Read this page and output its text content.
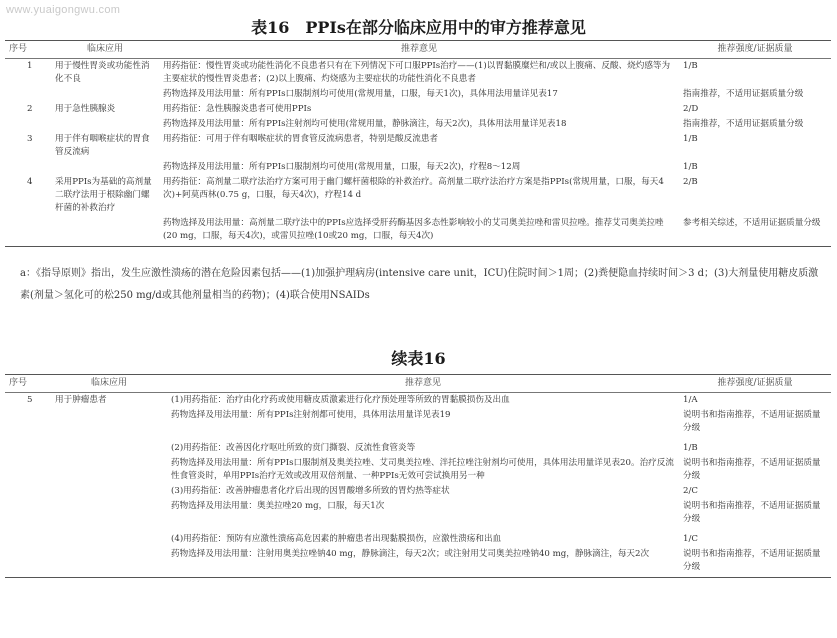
www.yuaigongwu.com
表16　PPIs在部分临床应用中的审方推荐意见
序号	临床应用	推荐意见	推荐强度/证据质量
1	用于慢性胃炎或功能性消化不良	用药指征：慢性胃炎或功能性消化不良患者只有在下列情况下可口服PPIs治疗——(1)以胃黏膜糜烂和/或以上腹痛、反酸、烧灼感等为主要症状的慢性胃炎患者；(2)以上腹痛、灼烧感为主要症状的功能性消化不良患者	1/B
		药物选择及用法用量：所有PPIs口服制剂均可使用(常规用量，口服，每天1次)，具体用法用量详见表17	指南推荐，不适用证据质量分级
2	用于急性胰腺炎	用药指征：急性胰腺炎患者可使用PPIs	2/D
		药物选择及用法用量：所有PPIs注射剂均可使用(常规用量，静脉滴注，每天2次)，具体用法用量详见表18	指南推荐，不适用证据质量分级
3	用于伴有咽喉症状的胃食管反流病	用药指征：可用于伴有咽喉症状的胃食管反流病患者，特别是酸反流患者	1/B
		药物选择及用法用量：所有PPIs口服制剂均可使用(常规用量，口服，每天2次)，疗程8～12周	1/B
4	采用PPIs为基础的高剂量二联疗法用于根除幽门螺杆菌的补救治疗	用药指征：高剂量二联疗法治疗方案可用于幽门螺杆菌根除的补救治疗。高剂量二联疗法治疗方案是指PPIs(常规用量，口服，每天4次)+阿莫西林(0.75 g，口服，每天4次)，疗程14 d	2/B
		药物选择及用法用量：高剂量二联疗法中的PPIs应选择受肝药酶基因多态性影响较小的艾司奥美拉唑和雷贝拉唑。推荐艾司奥美拉唑(20 mg，口服，每天4次)，或雷贝拉唑(10或20 mg，口服，每天4次)	参考相关综述，不适用证据质量分级
a：《指导原则》指出，发生应激性溃疡的潜在危险因素包括——(1)加强护理病房(intensive care unit，ICU)住院时间＞1周；(2)粪便隐血持续时间＞3 d；(3)大剂量使用糖皮质激素(剂量＞氢化可的松250 mg/d或其他剂量相当的药物)；(4)联合使用NSAIDs
续表16
序号	临床应用	推荐意见	推荐强度/证据质量
5	用于肿瘤患者	(1)用药指征：治疗由化疗药或使用糖皮质激素进行化疗预处理等所致的胃黏膜损伤及出血	1/A
		药物选择及用法用量：所有PPIs注射剂都可使用，具体用法用量详见表19	说明书和指南推荐，不适用证据质量分级
		(2)用药指征：改善因化疗呕吐所致的贲门撕裂、反流性食管炎等	1/B
		药物选择及用法用量：所有PPIs口服制剂及奥美拉唑、艾司奥美拉唑、泮托拉唑注射剂均可使用，具体用法用量详见表20。治疗反流性食管炎时，单用PPIs治疗无效或改用双倍剂量、一种PPIs无效可尝试换用另一种	说明书和指南推荐，不适用证据质量分级
		(3)用药指征：改善肿瘤患者化疗后出现的因胃酸增多所致的胃灼热等症状	2/C
		药物选择及用法用量：奥美拉唑20 mg，口服，每天1次	说明书和指南推荐，不适用证据质量分级
		(4)用药指征：预防有应激性溃疡高危因素的肿瘤患者出现黏膜损伤，应激性溃疡和出血	1/C
		药物选择及用法用量：注射用奥美拉唑钠40 mg，静脉滴注，每天2次；或注射用艾司奥美拉唑钠40 mg，静脉滴注，每天2次	说明书和指南推荐，不适用证据质量分级
